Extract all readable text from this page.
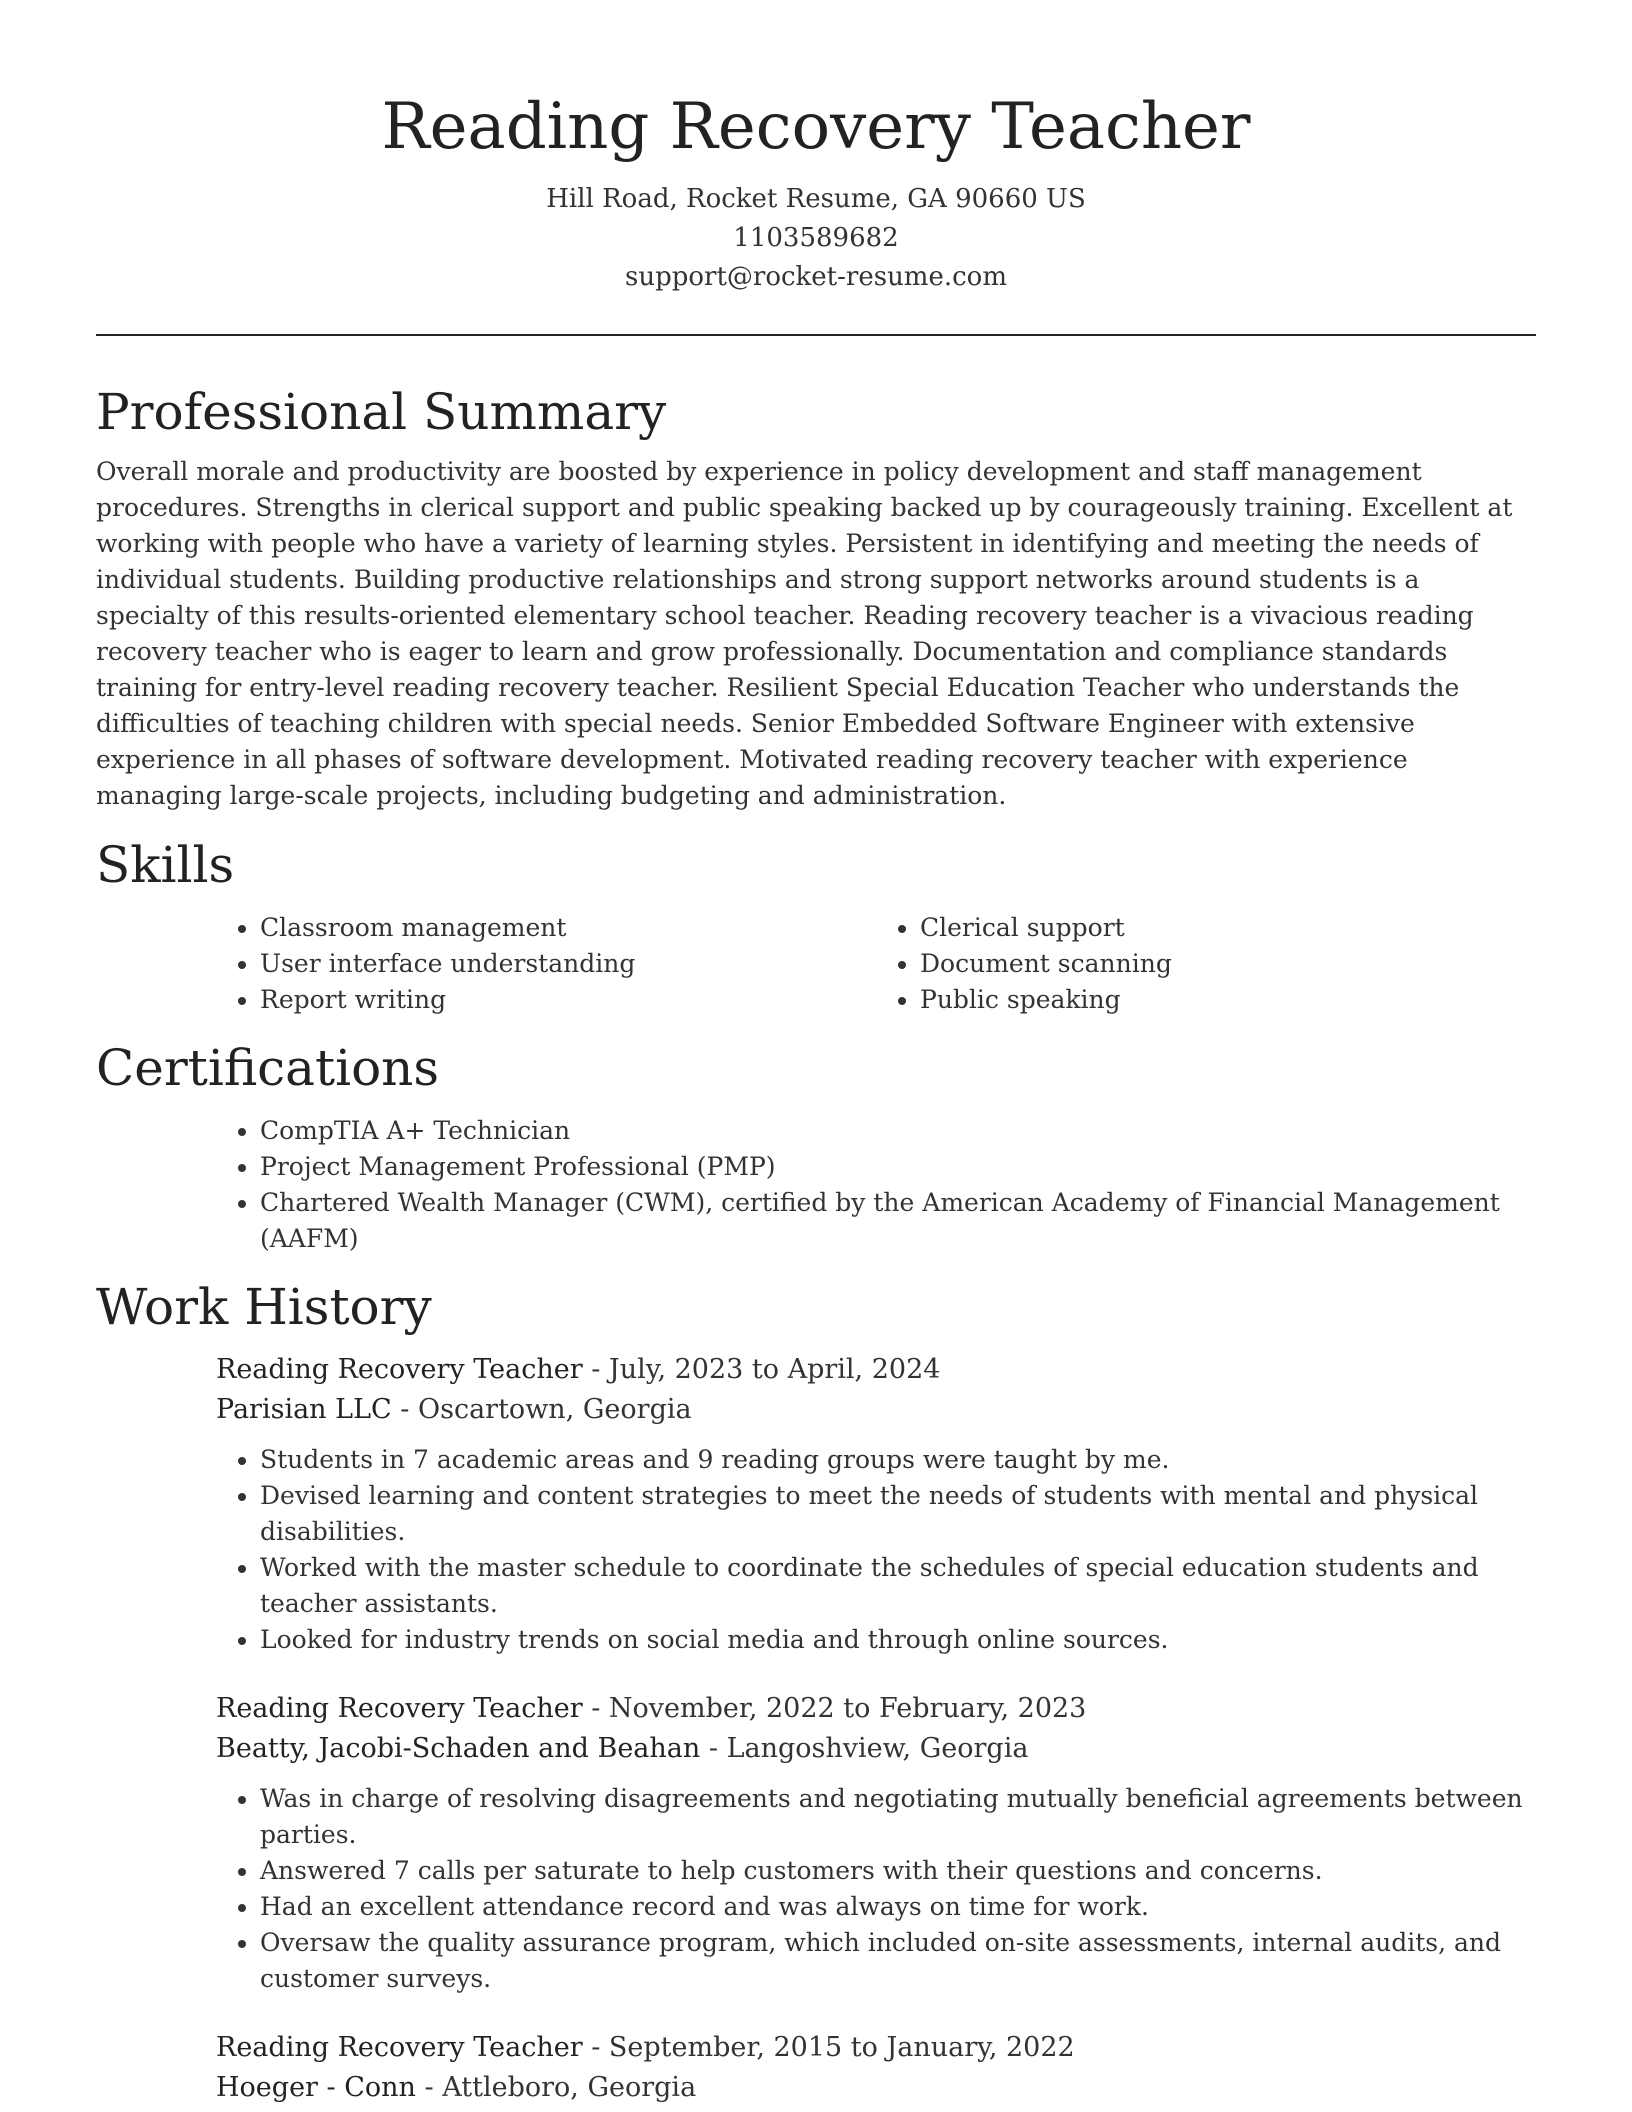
Reading Recovery Teacher
Hill Road, Rocket Resume, GA 90660 US
1103589682
support@rocket-resume.com
Professional Summary

Overall morale and productivity are boosted by experience in policy development and staff management procedures. Strengths in clerical support and public speaking backed up by courageously training. Excellent at working with people who have a variety of learning styles. Persistent in identifying and meeting the needs of individual students. Building productive relationships and strong support networks around students is a specialty of this results-oriented elementary school teacher. Reading recovery teacher is a vivacious reading recovery teacher who is eager to learn and grow professionally. Documentation and compliance standards training for entry-level reading recovery teacher. Resilient Special Education Teacher who understands the difficulties of teaching children with special needs. Senior Embedded Software Engineer with extensive experience in all phases of software development. Motivated reading recovery teacher with experience managing large-scale projects, including budgeting and administration.

Skills
• Classroom management
• User interface understanding
• Report writing
• Clerical support
• Document scanning
• Public speaking
Certifications
• CompTIA A+ Technician
• Project Management Professional (PMP)
• Chartered Wealth Manager (CWM), certified by the American Academy of Financial Management (AAFM)
Work History
Reading Recovery Teacher - July, 2023 to April, 2024
Parisian LLC - Oscartown, Georgia
• Students in 7 academic areas and 9 reading groups were taught by me.
• Devised learning and content strategies to meet the needs of students with mental and physical disabilities.
• Worked with the master schedule to coordinate the schedules of special education students and teacher assistants.
• Looked for industry trends on social media and through online sources.
Reading Recovery Teacher - November, 2022 to February, 2023
Beatty, Jacobi-Schaden and Beahan - Langoshview, Georgia
• Was in charge of resolving disagreements and negotiating mutually beneficial agreements between parties.
• Answered 7 calls per saturate to help customers with their questions and concerns.
• Had an excellent attendance record and was always on time for work.
• Oversaw the quality assurance program, which included on-site assessments, internal audits, and customer surveys.
Reading Recovery Teacher - September, 2015 to January, 2022
Hoeger - Conn - Attleboro, Georgia
